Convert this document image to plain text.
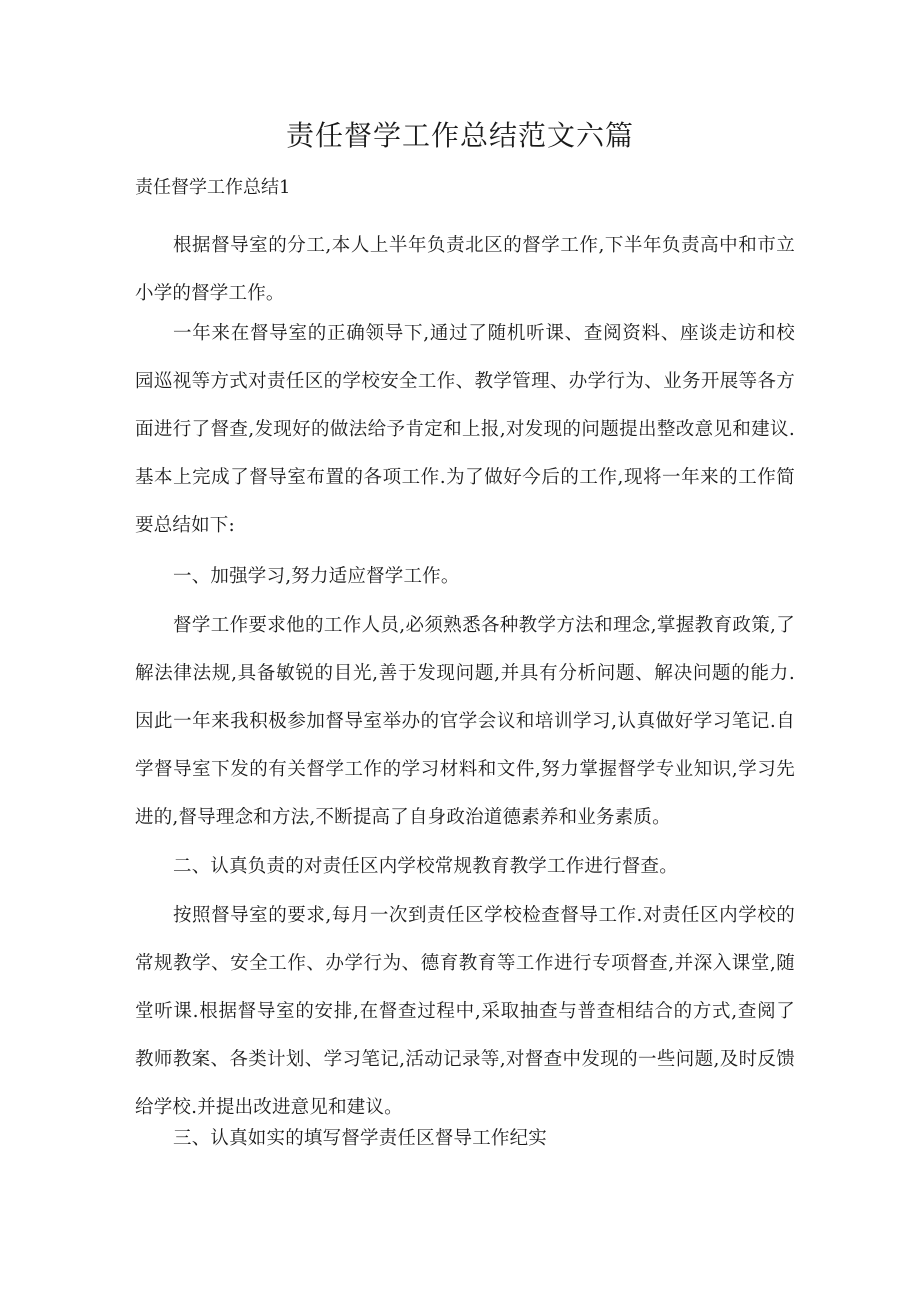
责任督学工作总结范文六篇

责任督学工作总结1

根据督导室的分工,本人上半年负责北区的督学工作,下半年负责高中和市立小学的督学工作。

一年来在督导室的正确领导下,通过了随机听课、查阅资料、座谈走访和校园巡视等方式对责任区的学校安全工作、教学管理、办学行为、业务开展等各方面进行了督查,发现好的做法给予肯定和上报,对发现的问题提出整改意见和建议.基本上完成了督导室布置的各项工作.为了做好今后的工作,现将一年来的工作简要总结如下:

一、加强学习,努力适应督学工作。

督学工作要求他的工作人员,必须熟悉各种教学方法和理念,掌握教育政策,了解法律法规,具备敏锐的目光,善于发现问题,并具有分析问题、解决问题的能力.因此一年来我积极参加督导室举办的官学会议和培训学习,认真做好学习笔记.自学督导室下发的有关督学工作的学习材料和文件,努力掌握督学专业知识,学习先进的,督导理念和方法,不断提高了自身政治道德素养和业务素质。

二、认真负责的对责任区内学校常规教育教学工作进行督查。

按照督导室的要求,每月一次到责任区学校检查督导工作.对责任区内学校的常规教学、安全工作、办学行为、德育教育等工作进行专项督查,并深入课堂,随堂听课.根据督导室的安排,在督查过程中,采取抽查与普查相结合的方式,查阅了教师教案、各类计划、学习笔记,活动记录等,对督查中发现的一些问题,及时反馈给学校.并提出改进意见和建议。

三、认真如实的填写督学责任区督导工作纪实
